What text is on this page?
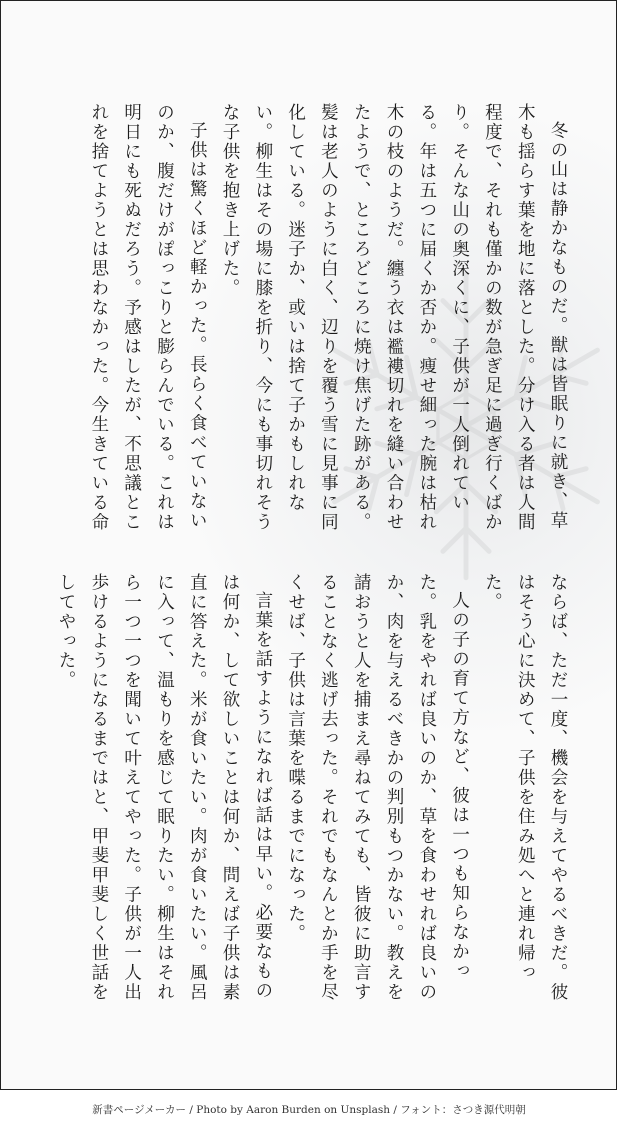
冬の山は静かなものだ。獣は皆眠りに就き、草木も揺らす葉を地に落とした。分け入る者は人間程度で、それも僅かの数が急ぎ足に過ぎ行くばかり。そんな山の奥深くに、子供が一人倒れている。年は五つに届くか否か。痩せ細った腕は枯れ木の枝のようだ。纏う衣は襤褸切れを縫い合わせたようで、ところどころに焼け焦げた跡がある。髪は老人のように白く、辺りを覆う雪に見事に同化している。迷子か、或いは捨て子かもしれない。柳生はその場に膝を折り、今にも事切れそうな子供を抱き上げた。

子供は驚くほど軽かった。長らく食べていないのか、腹だけがぽっこりと膨らんでいる。これは明日にも死ぬだろう。予感はしたが、不思議とこれを捨てようとは思わなかった。今生きている命

ならば、ただ一度、機会を与えてやるべきだ。彼はそう心に決めて、子供を住み処へと連れ帰った。

人の子の育て方など、彼は一つも知らなかった。乳をやれば良いのか、草を食わせれば良いのか、肉を与えるべきかの判別もつかない。教えを請おうと人を捕まえ尋ねてみても、皆彼に助言することなく逃げ去った。それでもなんとか手を尽くせば、子供は言葉を喋るまでになった。

言葉を話すようになれば話は早い。必要なものは何か、して欲しいことは何か、問えば子供は素直に答えた。米が食いたい。肉が食いたい。風呂に入って、温もりを感じて眠りたい。柳生はそれら一つ一つを聞いて叶えてやった。子供が一人出歩けるようになるまではと、甲斐甲斐しく世話をしてやった。

新書ページメーカー / Photo by Aaron Burden on Unsplash / フォント：さつき源代明朝
